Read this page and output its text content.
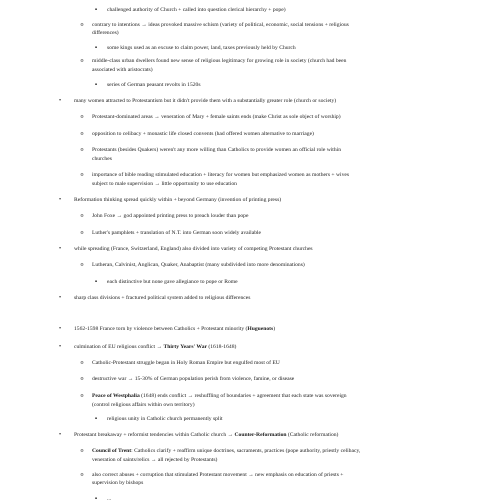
▪	challenged authority of Church + called into question clerical hierarchy + pope)
o	contrary to intentions → ideas provoked massive schism (variety of political, economic, social tensions + religious
differences)
▪	some kings used as an excuse to claim power, land, taxes previously held by Church
o	middle-class urban dwellers found new sense of religious legitimacy for growing role in society (church had been
associated with aristocrats)
▪	series of German peasant revolts in 1520s
•	many women attracted to Protestantism but it didn't provide them with a substantially greater role (church or society)
o	Protestant-dominated areas → veneration of Mary + female saints ends (make Christ as sole object of worship)
o	opposition to celibacy + monastic life closed convents (had offered women alternative to marriage)
o	Protestants (besides Quakers) weren't any more willing than Catholics to provide women an official role within
churches
o	importance of bible reading stimulated education + literacy for women but emphasized women as mothers + wives
subject to male supervision → little opportunity to use education
•	Reformation thinking spread quickly within + beyond Germany (invention of printing press)
o	John Foxe → god appointed printing press to preach louder than pope
o	Luther's pamphlets + translation of N.T. into German soon widely available
•	while spreading (France, Switzerland, England) also divided into variety of competing Protestant churches
o	Lutheran, Calvinist, Anglican, Quaker, Anabaptist (many subdivided into more denominations)
▪	each distinctive but none gave allegiance to pope or Rome
•	sharp class divisions + fractured political system added to religious differences
•	1562-1598 France torn by violence between Catholics + Protestant minority (Huguenots)
•	culmination of EU religious conflict → Thirty Years' War (1618-1648)
o	Catholic-Protestant struggle began in Holy Roman Empire but engulfed most of EU
o	destructive war → 15-30% of German population perish from violence, famine, or disease
o	Peace of Westphalia (1648) ends conflict → reshuffling of boundaries + agreement that each state was sovereign
(control religious affairs within own territory)
▪	religious unity in Catholic church permanently split
•	Protestant breakaway + reformist tendencies within Catholic church → Counter-Reformation (Catholic reformation)
o	Council of Trent: Catholics clarify + reaffirm unique doctrines, sacraments, practices (pope authority, priestly celibacy,
veneration of saints/relics → all rejected by Protestants)
o	also correct abuses + corruption that stimulated Protestant movement → new emphasis on education of priests +
supervision by bishops
▪	...
